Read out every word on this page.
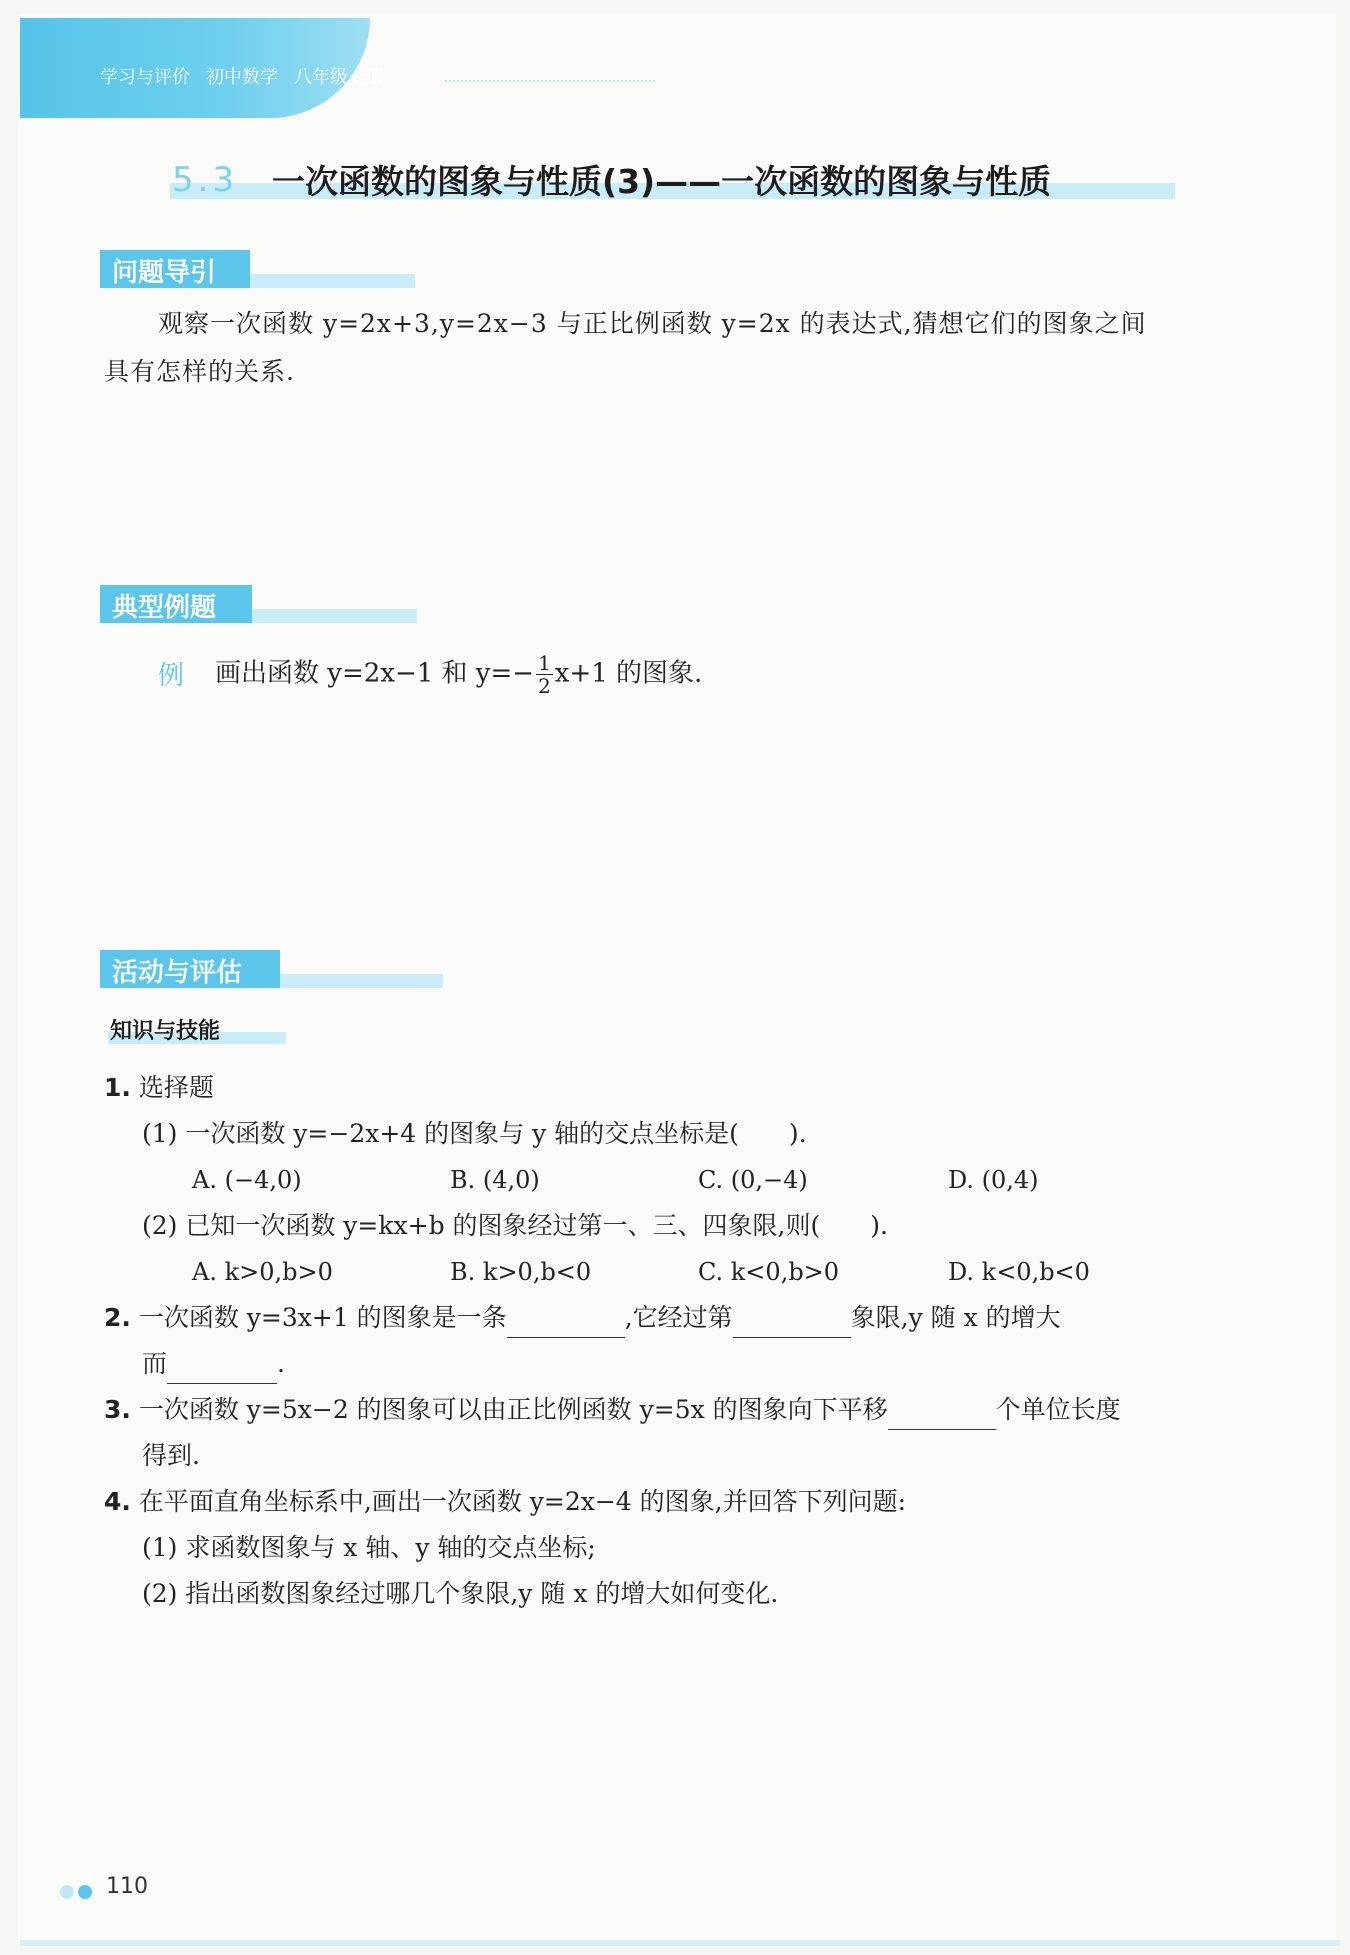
学习与评价 初中数学 八年级上册
5.3 一次函数的图象与性质(3)——一次函数的图象与性质
问题导引
观察一次函数 y=2x+3,y=2x−3 与正比例函数 y=2x 的表达式,猜想它们的图象之间
具有怎样的关系.
典型例题
例 画出函数 y=2x−1 和 $y=- \frac{1}{2} x+1$ 的图象.
活动与评估
知识与技能
1. 选择题
(1) 一次函数 y=−2x+4 的图象与 y 轴的交点坐标是(　　).
A. (−4,0)	B. (4,0)	C. (0,−4)	D. (0,4)
(2) 已知一次函数 y=kx+b 的图象经过第一、三、四象限,则(　　).
A. k>0,b>0	B. k>0,b<0	C. k<0,b>0	D. k<0,b<0
2. 一次函数 y=3x+1 的图象是一条	,它经过第	象限,y 随 x 的增大
而	.
3. 一次函数 y=5x−2 的图象可以由正比例函数 y=5x 的图象向下平移	个单位长度
得到.
4. 在平面直角坐标系中,画出一次函数 y=2x−4 的图象,并回答下列问题:
(1) 求函数图象与 x 轴、y 轴的交点坐标;
(2) 指出函数图象经过哪几个象限,y 随 x 的增大如何变化.
110
